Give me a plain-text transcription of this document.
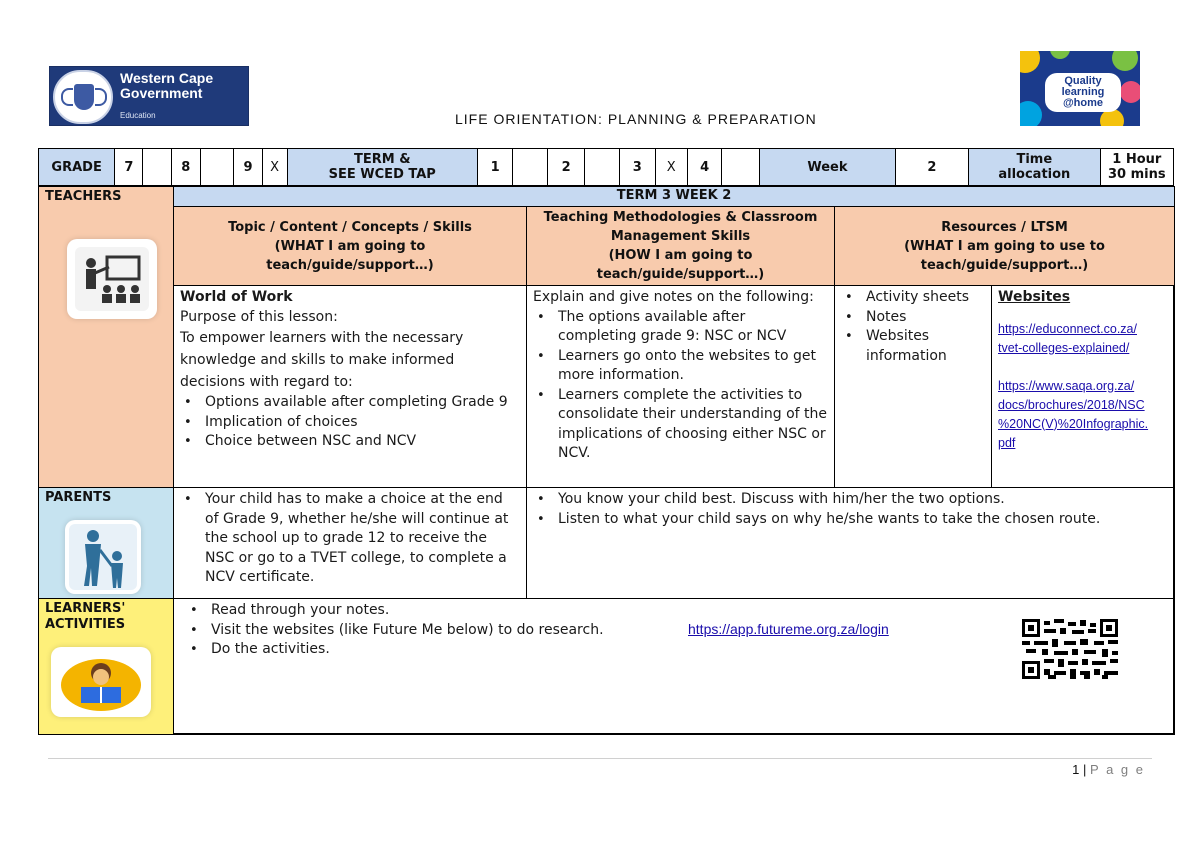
Western Cape
Government
Education
Quality
learning
@home
LIFE ORIENTATION: PLANNING & PREPARATION
GRADE	7		8		9	X	TERM &
SEE WCED TAP	1		2		3	X	4		Week	2	Time
allocation

1 Hour
30 mins
TEACHERS	TERM 3 WEEK 2
Topic / Content / Concepts / Skills
(WHAT I am going to
teach/guide/support…)
Teaching Methodologies & Classroom
Management Skills
(HOW I am going to
teach/guide/support…)
Resources / LTSM
(WHAT I am going to use to
teach/guide/support…)
World of Work
Purpose of this lesson:
To empower learners with the necessary
knowledge and skills to make informed
decisions with regard to:
• Options available after completing Grade 9
• Implication of choices
• Choice between NSC and NCV
Explain and give notes on the following:
• The options available after completing grade 9: NSC or NCV
• Learners go onto the websites to get more information.
• Learners complete the activities to consolidate their understanding of the implications of choosing either NSC or NCV.
• Activity sheets
• Notes
• Websites information
Websites
https://educonnect.co.za/
tvet-colleges-explained/
https://www.saqa.org.za/
docs/brochures/2018/NSC
%20NC(V)%20Infographic.
pdf
PARENTS
•	Your child has to make a choice at the end of Grade 9, whether he/she will continue at the school up to grade 12 to receive the NSC or go to a TVET college, to complete a NCV certificate.
• You know your child best. Discuss with him/her the two options.
• Listen to what your child says on why he/she wants to take the chosen route.
LEARNERS'
ACTIVITIES
• Read through your notes.
• Visit the websites (like Future Me below) to do research.
• Do the activities.
https://app.futureme.org.za/login
1 | P a g e
